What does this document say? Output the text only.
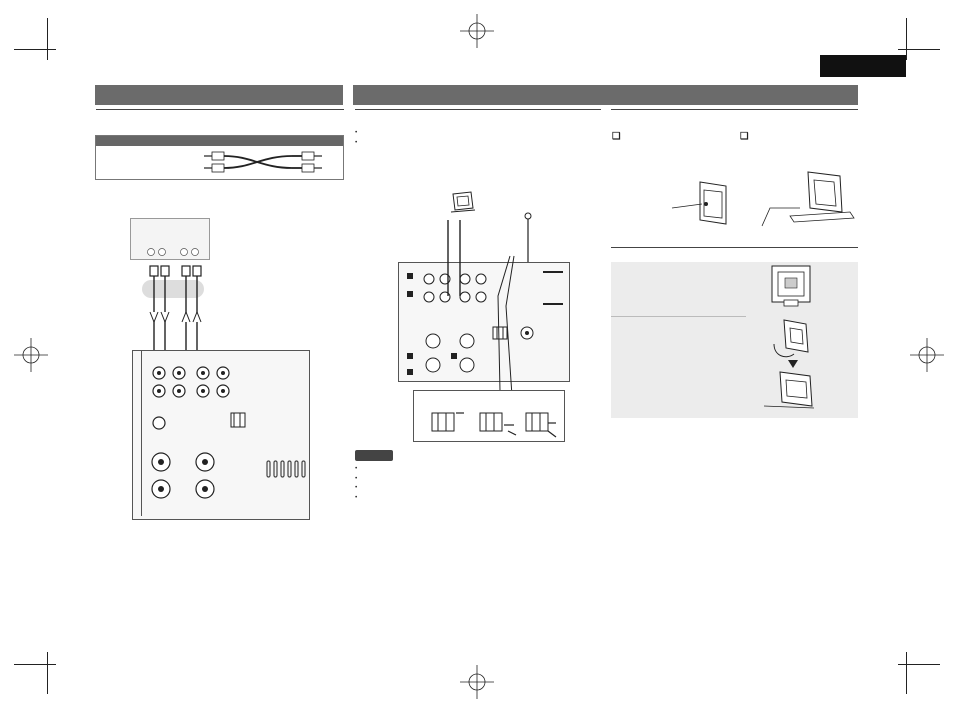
•
•
•
•
•
•
❑	❑
